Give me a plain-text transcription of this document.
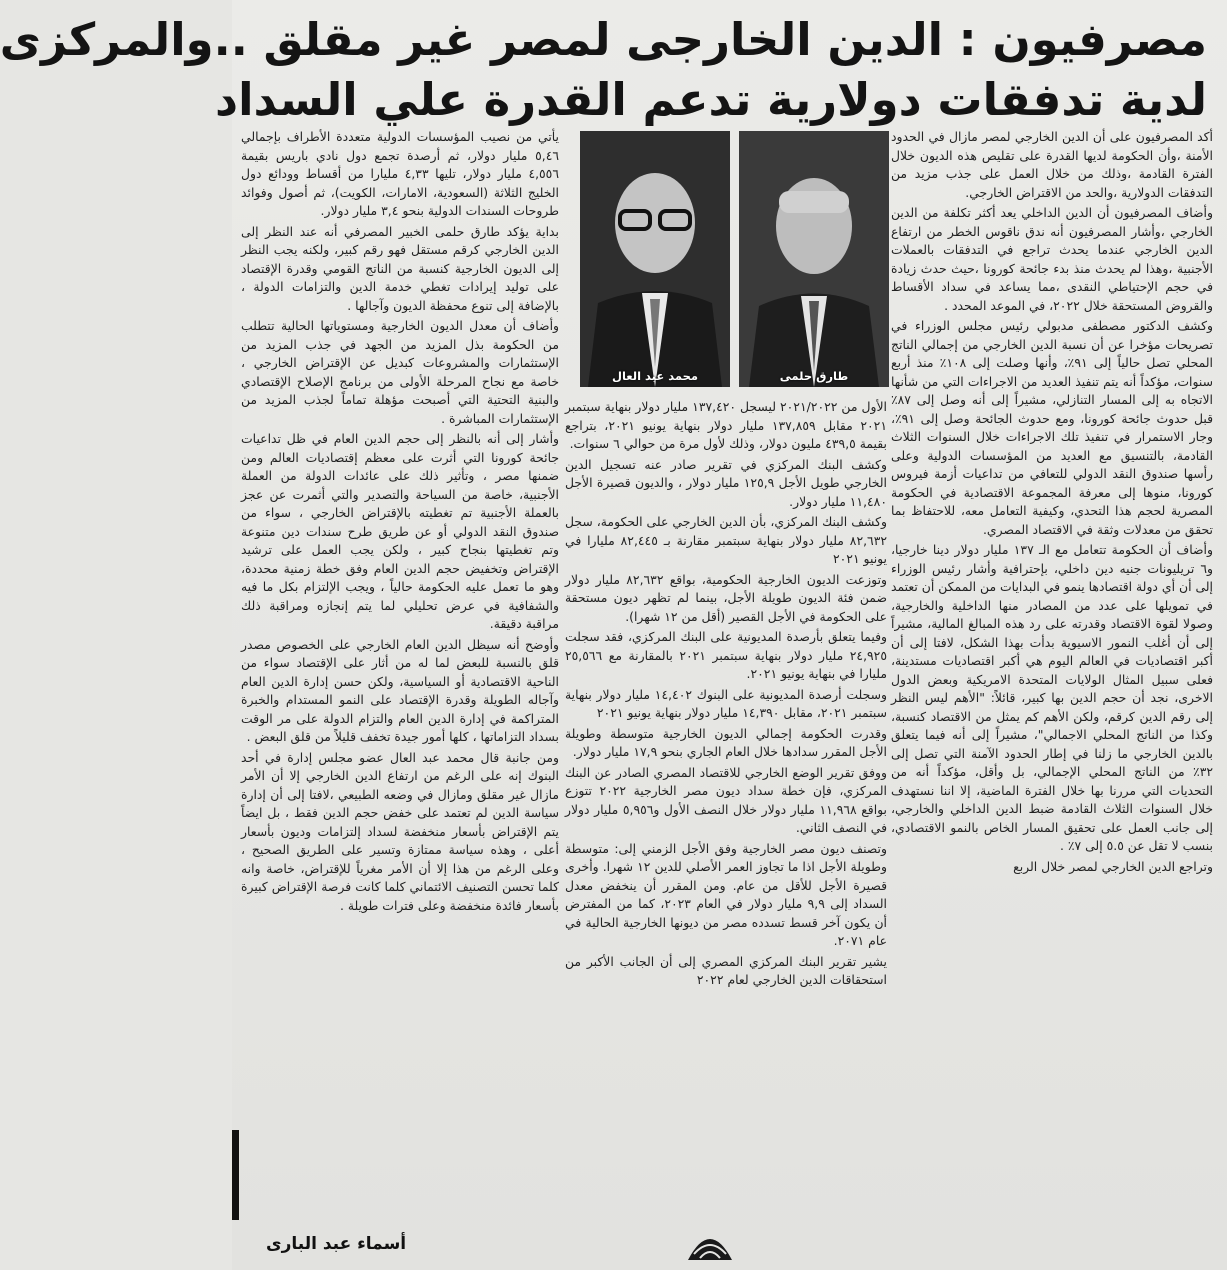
مصرفيون : الدين الخارجى لمصر غير مقلق ..والمركزى
لدية تدفقات دولارية تدعم القدرة علي السداد

أكد المصرفيون على أن الدين الخارجي لمصر مازال في الحدود الأمنة ،وأن الحكومة لديها القدرة على تقليص هذه الديون خلال الفترة القادمة ،وذلك من خلال العمل على جذب مزيد من التدفقات الدولارية ،والحد من الاقتراض الخارجي.

وأضاف المصرفيون أن الدين الداخلي يعد أكثر تكلفة من الدين الخارجي ،وأشار المصرفيون أنه ندق ناقوس الخطر من ارتفاع الدين الخارجي عندما يحدث تراجع في التدفقات بالعملات الأجنبية ،وهذا لم يحدث منذ بدء جائحة كورونا ،حيث حدث زيادة في حجم الإحتياطي النقدى ،مما يساعد في سداد الأقساط والقروض المستحقة خلال ٢٠٢٢، في الموعد المحدد .

وكشف الدكتور مصطفى مدبولي رئيس مجلس الوزراء في تصريحات مؤخرا عن أن نسبة الدين الخارجي من إجمالي الناتج المحلي تصل حالياً إلى ٩١٪، وأنها وصلت إلى ١٠٨٪ منذ أربع سنوات، مؤكداً أنه يتم تنفيذ العديد من الاجراءات التي من شأنها الاتجاه به إلى المسار التنازلي، مشيراً إلى أنه وصل إلى ٨٧٪ قبل حدوث جائحة كورونا، ومع حدوث الجائحة وصل إلى ٩١٪، وجار الاستمرار في تنفيذ تلك الاجراءات خلال السنوات الثلاث القادمة، بالتنسيق مع العديد من المؤسسات الدولية وعلى رأسها صندوق النقد الدولي للتعافي من تداعيات أزمة فيروس كورونا، منوها إلى معرفة المجموعة الاقتصادية في الحكومة المصرية لحجم هذا التحدي، وكيفية التعامل معه، للاحتفاظ بما تحقق من معدلات وثقة في الاقتصاد المصري.

وأضاف أن الحكومة تتعامل مع الـ ١٣٧ مليار دولار دينا خارجيا، و٦ تريليونات جنيه دين داخلي، بإحترافية وأشار رئيس الوزراء إلى أن أي دولة اقتصادها ينمو في البدايات من الممكن أن تعتمد في تمويلها على عدد من المصادر منها الداخلية والخارجية، وصولا لقوة الاقتصاد وقدرته على رد هذه المبالغ المالية، مشيراً إلى أن أغلب النمور الاسيوية بدأت بهذا الشكل، لافتا إلى أن أكبر اقتصاديات في العالم اليوم هي أكبر اقتصاديات مستدينة، فعلى سبيل المثال الولايات المتحدة الامريكية وبعض الدول الاخرى، نجد أن حجم الدين بها كبير، قائلاً: "الأهم ليس النظر إلى رقم الدين كرقم، ولكن الأهم كم يمثل من الاقتصاد كنسبة، وكذا من الناتج المحلي الاجمالي"، مشيراً إلى أنه فيما يتعلق بالدين الخارجي ما زلنا في إطار الحدود الآمنة التي تصل إلى ٣٢٪ من الناتج المحلي الإجمالي، بل وأقل، مؤكداً أنه من التحديات التي مررنا بها خلال الفترة الماضية، إلا اننا نستهدف خلال السنوات الثلاث القادمة ضبط الدين الداخلي والخارجي، إلى جانب العمل على تحقيق المسار الخاص بالنمو الاقتصادي، بنسب لا تقل عن ٥.٥ إلى ٧٪ .

وتراجع الدين الخارجي لمصر خلال الربع

طارق حلمى
محمد عبد العال

الأول من ٢٠٢١/٢٠٢٢ ليسجل ١٣٧,٤٢٠ مليار دولار بنهاية سبتمبر ٢٠٢١ مقابل ١٣٧,٨٥٩ مليار دولار بنهاية يونيو ٢٠٢١، بتراجع بقيمة ٤٣٩,٥ مليون دولار، وذلك لأول مرة من حوالي ٦ سنوات.

وكشف البنك المركزي في تقرير صادر عنه تسجيل الدين الخارجي طويل الأجل ١٢٥,٩ مليار دولار ، والديون قصيرة الأجل ١١,٤٨٠ مليار دولار.

وكشف البنك المركزي، بأن الدين الخارجي على الحكومة، سجل ٨٢,٦٣٢ مليار دولار بنهاية سبتمبر مقارنة بـ ٨٢,٤٤٥ مليارا في يونيو ٢٠٢١

وتوزعت الديون الخارجية الحكومية، بواقع ٨٢,٦٣٢ مليار دولار ضمن فئة الديون طويلة الأجل، بينما لم تظهر ديون مستحقة على الحكومة في الأجل القصير (أقل من ١٢ شهرا).

وفيما يتعلق بأرصدة المديونية على البنك المركزي، فقد سجلت ٢٤,٩٢٥ مليار دولار بنهاية سبتمبر ٢٠٢١ بالمقارنة مع ٢٥,٥٦٦ مليارا في بنهاية يونيو ٢٠٢١.

وسجلت أرصدة المديونية على البنوك ١٤,٤٠٢ مليار دولار بنهاية سبتمبر ٢٠٢١، مقابل ١٤,٣٩٠ مليار دولار بنهاية يونيو ٢٠٢١

وقدرت الحكومة إجمالي الديون الخارجية متوسطة وطويلة الأجل المقرر سدادها خلال العام الجاري بنحو ١٧,٩ مليار دولار.

ووفق تقرير الوضع الخارجي للاقتصاد المصري الصادر عن البنك المركزي، فإن خطة سداد ديون مصر الخارجية ٢٠٢٢ تتوزع بواقع ١١,٩٦٨ مليار دولار خلال النصف الأول و٥,٩٥٦ مليار دولار في النصف الثاني.

وتصنف ديون مصر الخارجية وفق الأجل الزمني إلى: متوسطة وطويلة الأجل اذا ما تجاوز العمر الأصلي للدين ١٢ شهرا. وأخرى قصيرة الأجل للأقل من عام. ومن المقرر أن ينخفض معدل السداد إلى ٩,٩ مليار دولار في العام ٢٠٢٣، كما من المفترض أن يكون آخر قسط تسدده مصر من ديونها الخارجية الحالية في عام ٢٠٧١.

يشير تقرير البنك المركزي المصري إلى أن الجانب الأكبر من استحقاقات الدين الخارجي لعام ٢٠٢٢

يأتي من نصيب المؤسسات الدولية متعددة الأطراف بإجمالي ٥,٤٦ مليار دولار، ثم أرصدة تجمع دول نادي باريس بقيمة ٤,٥٥٦ مليار دولار، تليها ٤,٣٣ مليارا من أقساط وودائع دول الخليج الثلاثة (السعودية، الامارات، الكويت)، ثم أصول وفوائد طروحات السندات الدولية بنحو ٣,٤ مليار دولار.

بداية يؤكد طارق حلمى الخبير المصرفي أنه عند النظر إلى الدين الخارجي كرقم مستقل فهو رقم كبير، ولكنه يجب النظر إلى الديون الخارجية كنسبة من الناتج القومي وقدرة الإقتصاد على توليد إيرادات تغطي خدمة الدين والتزامات الدولة ، بالإضافة إلى تنوع محفظة الديون وآجالها .

وأضاف أن معدل الديون الخارجية ومستوياتها الحالية تتطلب من الحكومة بذل المزيد من الجهد في جذب المزيد من الإستثمارات والمشروعات كبديل عن الإقتراض الخارجي ، خاصة مع نجاح المرحلة الأولى من برنامج الإصلاح الإقتصادي والبنية التحتية التي أصبحت مؤهلة تماماً لجذب المزيد من الإستثمارات المباشرة .

وأشار إلى أنه بالنظر إلى حجم الدين العام في ظل تداعيات جائحة كورونا التي أثرت على معظم إقتصاديات العالم ومن ضمنها مصر ، وتأثير ذلك على عائدات الدولة من العملة الأجنبية، خاصة من السياحة والتصدير والتي أثمرت عن عجز بالعملة الأجنبية تم تغطيته بالإقتراض الخارجي ، سواء من صندوق النقد الدولي أو عن طريق طرح سندات دين متنوعة وتم تغطيتها بنجاح كبير ، ولكن يجب العمل على ترشيد الإقتراض وتخفيض حجم الدين العام وفق خطة زمنية محددة، وهو ما تعمل عليه الحكومة حالياً ، ويجب الإلتزام بكل ما فيه والشفافية في عرض تحليلي لما يتم إنجازه ومراقبة ذلك مراقبة دقيقة.

وأوضح أنه سيظل الدين العام الخارجي على الخصوص مصدر قلق بالنسبة للبعض لما له من أثار على الإقتصاد سواء من الناحية الاقتصادية أو السياسية، ولكن حسن إدارة الدين العام وآجاله الطويلة وقدرة الإقتصاد على النمو المستدام والخبرة المتراكمة في إدارة الدين العام والتزام الدولة على مر الوقت بسداد التزاماتها ، كلها أمور جيدة تخفف قليلاً من قلق البعض .

ومن جانبة قال محمد عبد العال عضو مجلس إدارة في أحد البنوك إنه على الرغم من ارتفاع الدين الخارجي إلا أن الأمر مازال غير مقلق ومازال في وضعه الطبيعي ،لافتا إلى أن إدارة سياسة الدين لم تعتمد على خفض حجم الدين فقط ، بل ايضاً يتم الإقتراض بأسعار منخفضة لسداد إلتزامات وديون بأسعار أعلى ، وهذه سياسة ممتازة وتسير على الطريق الصحيح ، وعلى الرغم من هذا إلا أن الأمر مغرياً للإقتراض، خاصة وانه كلما تحسن التصنيف الائتماني كلما كانت فرصة الإقتراض كبيرة بأسعار فائدة منخفضة وعلى فترات طويلة .

أسماء عبد البارى
